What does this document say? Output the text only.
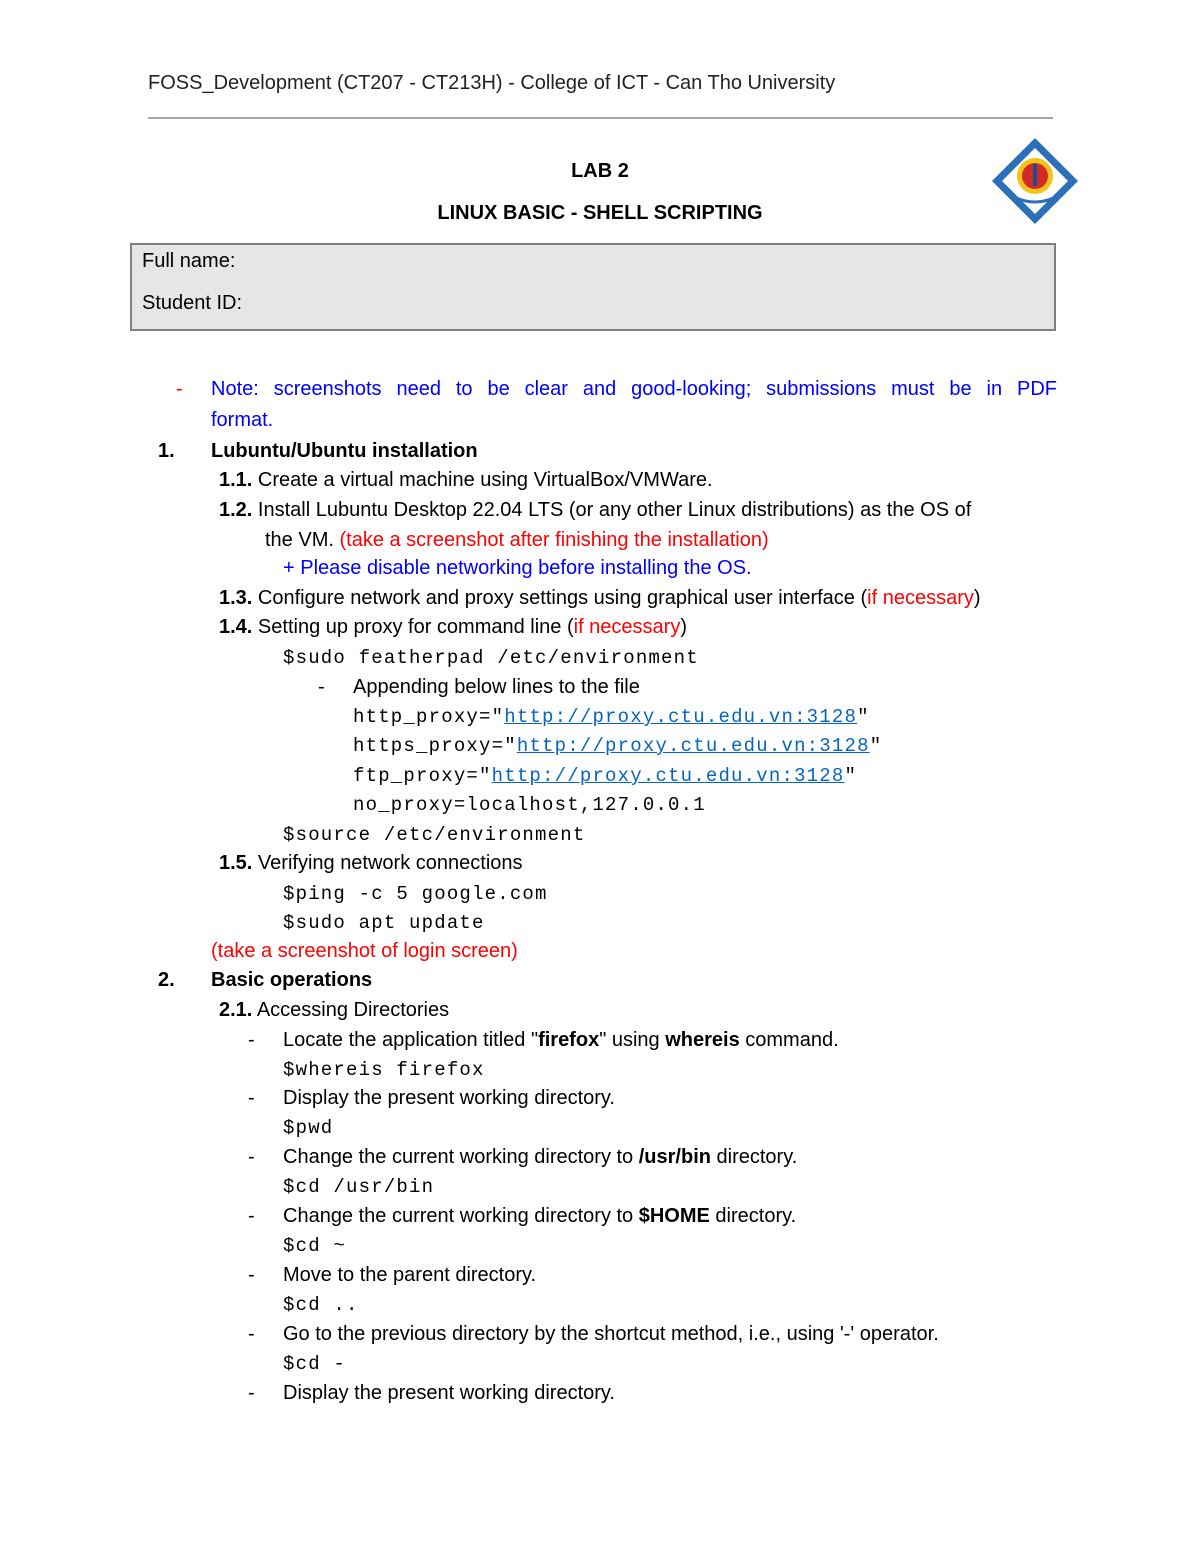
FOSS_Development (CT207 - CT213H) - College of ICT - Can Tho University
LAB 2
LINUX BASIC - SHELL SCRIPTING
Full name:
Student ID:
- Note: screenshots need to be clear and good-looking; submissions must be in PDF
format.
1. Lubuntu/Ubuntu installation
1.1. Create a virtual machine using VirtualBox/VMWare.
1.2. Install Lubuntu Desktop 22.04 LTS (or any other Linux distributions) as the OS of
the VM. (take a screenshot after finishing the installation)
+ Please disable networking before installing the OS.
1.3. Configure network and proxy settings using graphical user interface (if necessary)
1.4. Setting up proxy for command line (if necessary)
$sudo featherpad /etc/environment
- Appending below lines to the file
http_proxy="http://proxy.ctu.edu.vn:3128"
https_proxy="http://proxy.ctu.edu.vn:3128"
ftp_proxy="http://proxy.ctu.edu.vn:3128"
no_proxy=localhost,127.0.0.1
$source /etc/environment
1.5. Verifying network connections
$ping -c 5 google.com
$sudo apt update
(take a screenshot of login screen)
2. Basic operations
2.1. Accessing Directories
- Locate the application titled "firefox" using whereis command.
$whereis firefox
- Display the present working directory.
$pwd
- Change the current working directory to /usr/bin directory.
$cd /usr/bin
- Change the current working directory to $HOME directory.
$cd ~
- Move to the parent directory.
$cd ..
- Go to the previous directory by the shortcut method, i.e., using '-' operator.
$cd -
- Display the present working directory.
